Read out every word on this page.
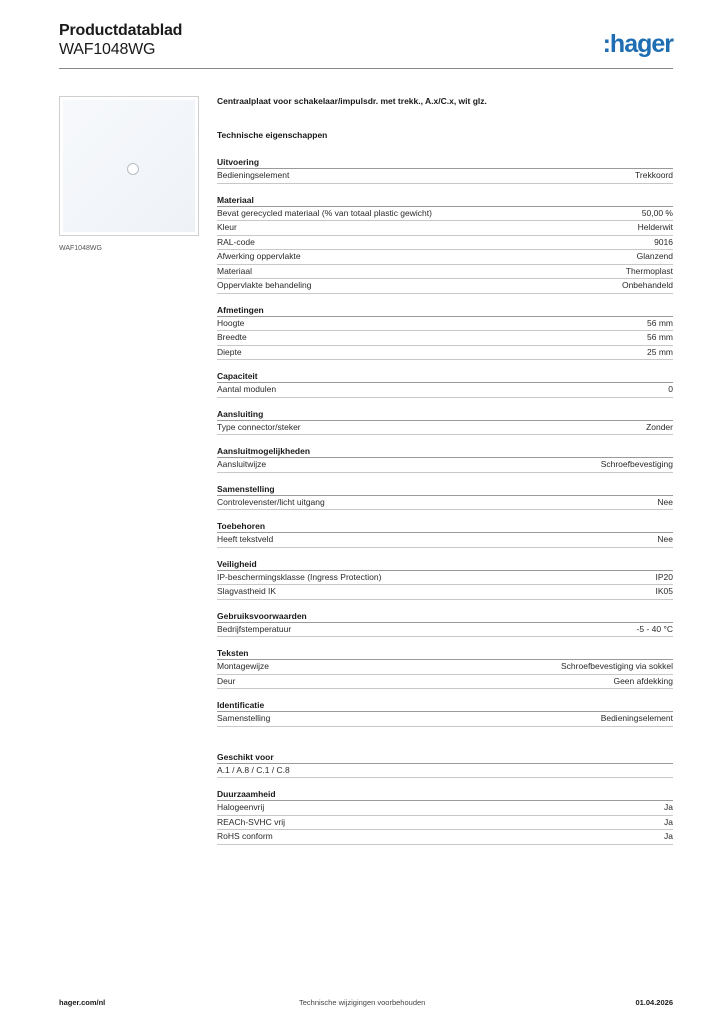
Productdatablad
WAF1048WG	:hager
WAF1048WG
Centraalplaat voor schakelaar/impulsdr. met trekk., A.x/C.x, wit glz.
Technische eigenschappen
Uitvoering
Bedieningselement	Trekkoord
Materiaal
Bevat gerecycled materiaal (% van totaal plastic gewicht)	50,00 %
Kleur	Helderwit
RAL-code	9016
Afwerking oppervlakte	Glanzend
Materiaal	Thermoplast
Oppervlakte behandeling	Onbehandeld
Afmetingen
Hoogte	56 mm
Breedte	56 mm
Diepte	25 mm
Capaciteit
Aantal modulen	0
Aansluiting
Type connector/steker	Zonder
Aansluitmogelijkheden
Aansluitwijze	Schroefbevestiging
Samenstelling
Controlevenster/licht uitgang	Nee
Toebehoren
Heeft tekstveld	Nee
Veiligheid
IP-beschermingsklasse (Ingress Protection)	IP20
Slagvastheid IK	IK05
Gebruiksvoorwaarden
Bedrijfstemperatuur	-5 - 40 °C
Teksten
Montagewijze	Schroefbevestiging via sokkel
Deur	Geen afdekking
Identificatie
Samenstelling	Bedieningselement
Geschikt voor
A.1 / A.8 / C.1 / C.8
Duurzaamheid
Halogeenvrij	Ja
REACh-SVHC vrij	Ja
RoHS conform	Ja
hager.com/nl	Technische wijzigingen voorbehouden	01.04.2026
